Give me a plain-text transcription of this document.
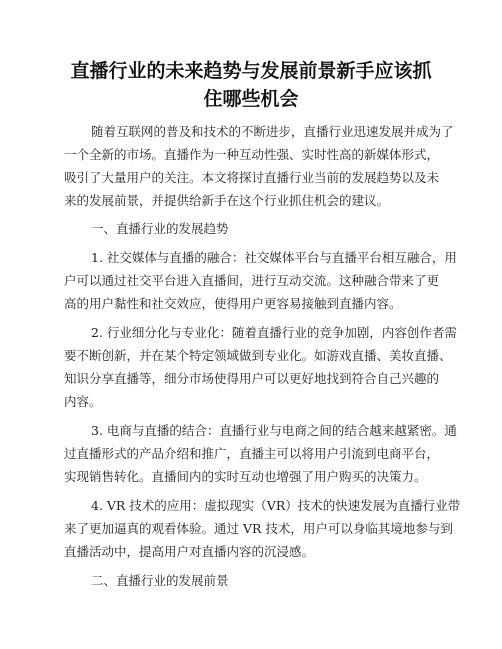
直播行业的未来趋势与发展前景新手应该抓
住哪些机会
随着互联网的普及和技术的不断进步，直播行业迅速发展并成为了
一个全新的市场。直播作为一种互动性强、实时性高的新媒体形式，
吸引了大量用户的关注。本文将探讨直播行业当前的发展趋势以及未
来的发展前景，并提供给新手在这个行业抓住机会的建议。
一、直播行业的发展趋势
1. 社交媒体与直播的融合：社交媒体平台与直播平台相互融合，用
户可以通过社交平台进入直播间，进行互动交流。这种融合带来了更
高的用户黏性和社交效应，使得用户更容易接触到直播内容。
2. 行业细分化与专业化：随着直播行业的竞争加剧，内容创作者需
要不断创新，并在某个特定领域做到专业化。如游戏直播、美妆直播、
知识分享直播等，细分市场使得用户可以更好地找到符合自己兴趣的
内容。
3. 电商与直播的结合：直播行业与电商之间的结合越来越紧密。通
过直播形式的产品介绍和推广，直播主可以将用户引流到电商平台，
实现销售转化。直播间内的实时互动也增强了用户购买的决策力。
4. VR 技术的应用：虚拟现实（VR）技术的快速发展为直播行业带
来了更加逼真的观看体验。通过 VR 技术，用户可以身临其境地参与到
直播活动中，提高用户对直播内容的沉浸感。
二、直播行业的发展前景
